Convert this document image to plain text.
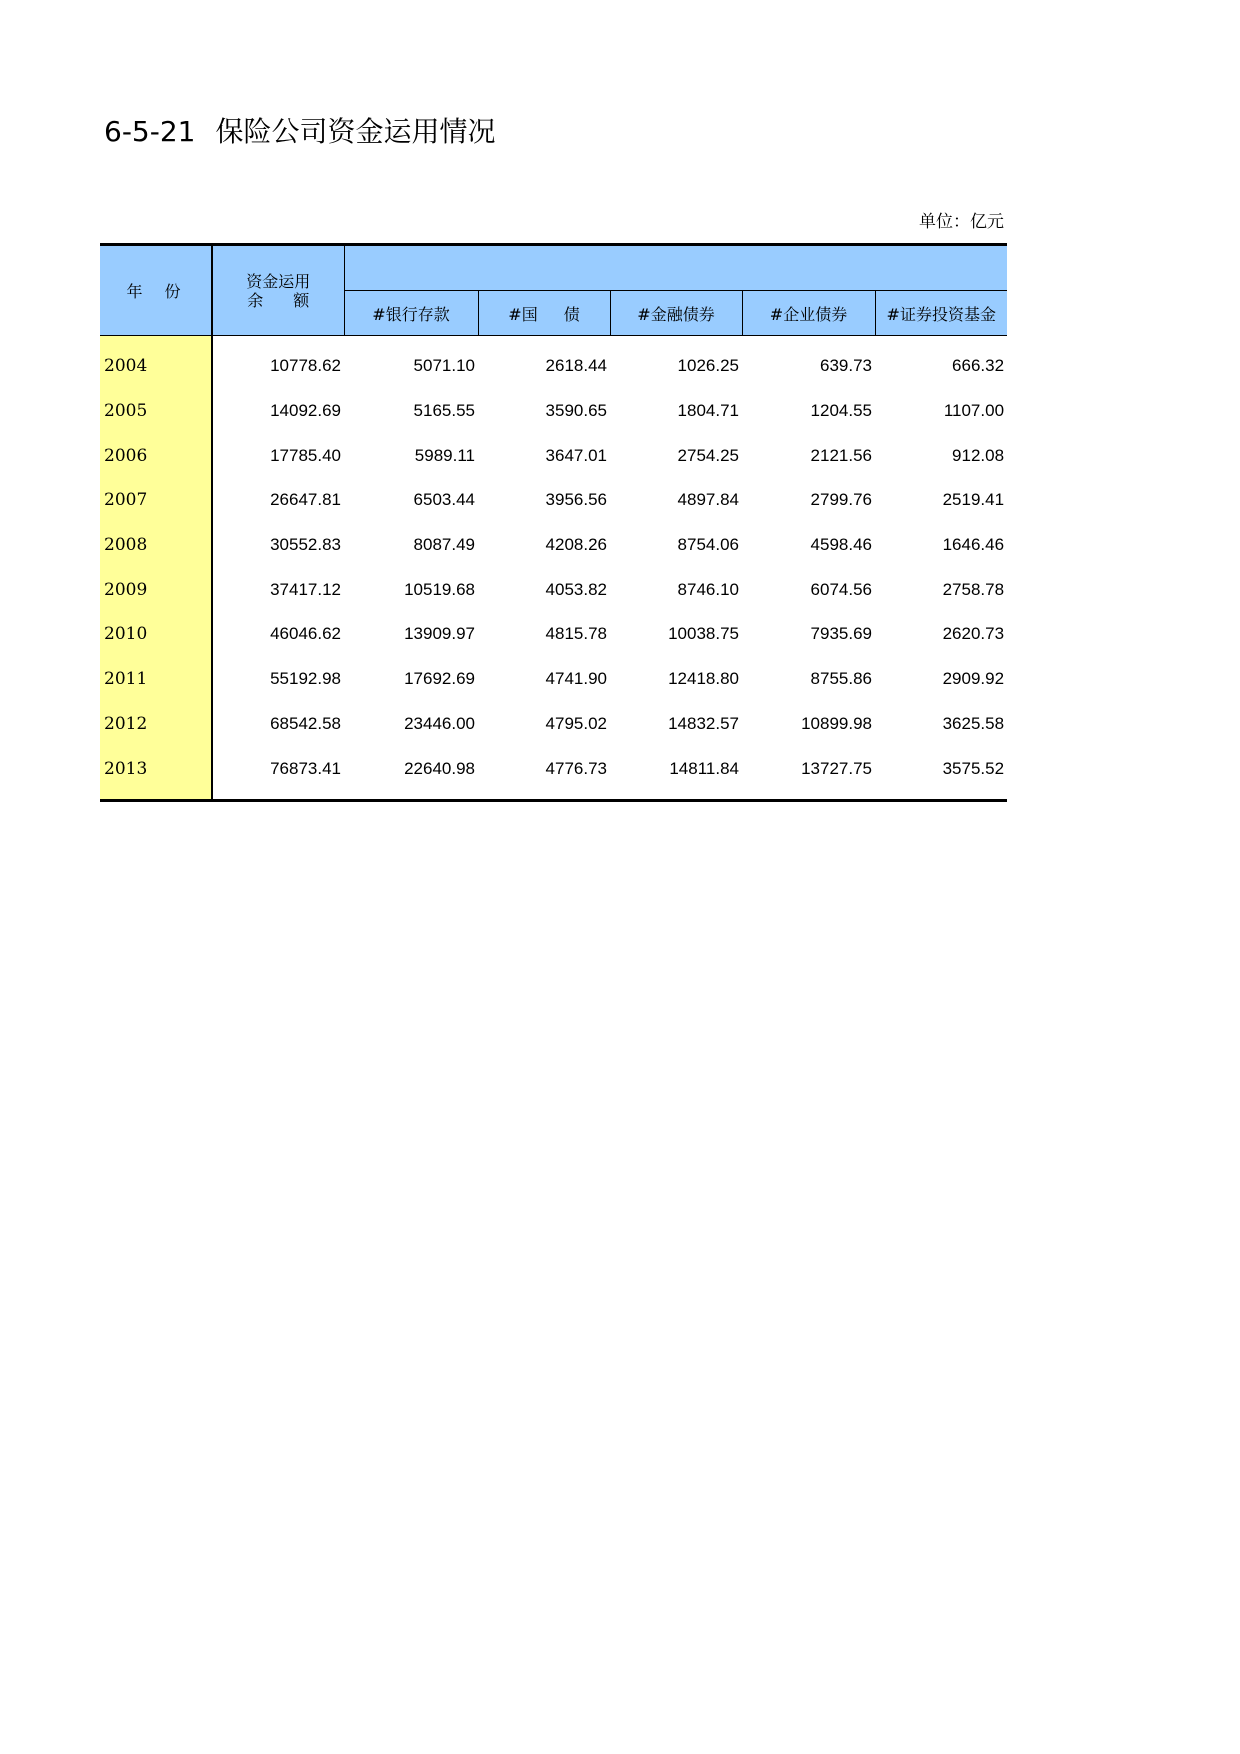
6-5-21 保险公司资金运用情况
单位：亿元
年 份	资金运用
余 额					

		#银行存款	#国 债	#金融债券	#企业债券	#证券投资基金
2004	10778.62	5071.10	2618.44	1026.25	639.73	666.32
2005	14092.69	5165.55	3590.65	1804.71	1204.55	1107.00
2006	17785.40	5989.11	3647.01	2754.25	2121.56	912.08
2007	26647.81	6503.44	3956.56	4897.84	2799.76	2519.41
2008	30552.83	8087.49	4208.26	8754.06	4598.46	1646.46
2009	37417.12	10519.68	4053.82	8746.10	6074.56	2758.78
2010	46046.62	13909.97	4815.78	10038.75	7935.69	2620.73
2011	55192.98	17692.69	4741.90	12418.80	8755.86	2909.92
2012	68542.58	23446.00	4795.02	14832.57	10899.98	3625.58
2013	76873.41	22640.98	4776.73	14811.84	13727.75	3575.52
